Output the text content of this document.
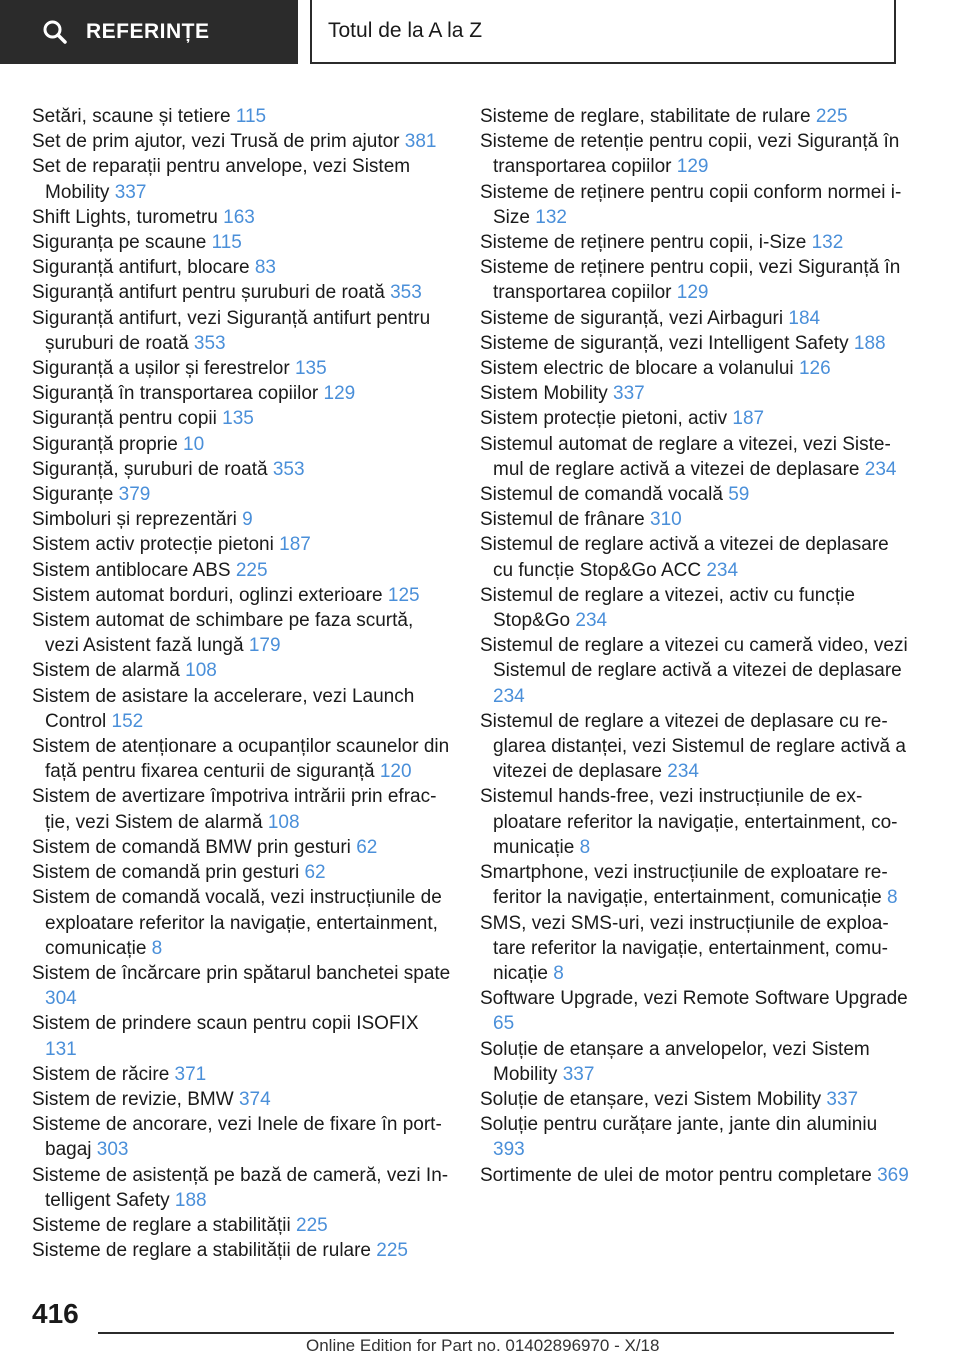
REFERINȚE	Totul de la A la Z

Setări, scaune și tetiere 115

Set de prim ajutor, vezi Trusă de prim ajutor 381

Set de reparații pentru anvelope, vezi Sistem Mobility 337

Shift Lights, turometru 163

Siguranța pe scaune 115

Siguranță antifurt, blocare 83

Siguranță antifurt pentru șuruburi de roată 353

Siguranță antifurt, vezi Siguranță antifurt pentru șuruburi de roată 353

Siguranță a ușilor și ferestrelor 135

Siguranță în transportarea copiilor 129

Siguranță pentru copii 135

Siguranță proprie 10

Siguranță, șuruburi de roată 353

Siguranțe 379

Simboluri și reprezentări 9

Sistem activ protecție pietoni 187

Sistem antiblocare ABS 225

Sistem automat borduri, oglinzi exterioare 125

Sistem automat de schimbare pe faza scurtă, vezi Asistent fază lungă 179

Sistem de alarmă 108

Sistem de asistare la accelerare, vezi Launch Control 152

Sistem de atenționare a ocupanților scaunelor din față pentru fixarea centurii de siguranță 120

Sistem de avertizare împotriva intrării prin efracție, vezi Sistem de alarmă 108

Sistem de comandă BMW prin gesturi 62

Sistem de comandă prin gesturi 62

Sistem de comandă vocală, vezi instrucțiunile de exploatare referitor la navigație, entertainment, comunicație 8

Sistem de încărcare prin spătarul banchetei spate 304

Sistem de prindere scaun pentru copii ISOFIX 131

Sistem de răcire 371

Sistem de revizie, BMW 374

Sisteme de ancorare, vezi Inele de fixare în portbagaj 303

Sisteme de asistență pe bază de cameră, vezi Intelligent Safety 188

Sisteme de reglare a stabilității 225

Sisteme de reglare a stabilității de rulare 225

Sisteme de reglare, stabilitate de rulare 225

Sisteme de retenție pentru copii, vezi Siguranță în transportarea copiilor 129

Sisteme de reținere pentru copii conform normei i-Size 132

Sisteme de reținere pentru copii, i-Size 132

Sisteme de reținere pentru copii, vezi Siguranță în transportarea copiilor 129

Sisteme de siguranță, vezi Airbaguri 184

Sisteme de siguranță, vezi Intelligent Safety 188

Sistem electric de blocare a volanului 126

Sistem Mobility 337

Sistem protecție pietoni, activ 187

Sistemul automat de reglare a vitezei, vezi Sistemul de reglare activă a vitezei de deplasare 234

Sistemul de comandă vocală 59

Sistemul de frânare 310

Sistemul de reglare activă a vitezei de deplasare cu funcție Stop&Go ACC 234

Sistemul de reglare a vitezei, activ cu funcție Stop&Go 234

Sistemul de reglare a vitezei cu cameră video, vezi Sistemul de reglare activă a vitezei de deplasare 234

Sistemul de reglare a vitezei de deplasare cu reglarea distanței, vezi Sistemul de reglare activă a vitezei de deplasare 234

Sistemul hands-free, vezi instrucțiunile de exploatare referitor la navigație, entertainment, comunicație 8

Smartphone, vezi instrucțiunile de exploatare referitor la navigație, entertainment, comunicație 8

SMS, vezi SMS-uri, vezi instrucțiunile de exploatare referitor la navigație, entertainment, comunicație 8

Software Upgrade, vezi Remote Software Upgrade 65

Soluție de etanșare a anvelopelor, vezi Sistem Mobility 337

Soluție de etanșare, vezi Sistem Mobility 337

Soluție pentru curățare jante, jante din aluminiu 393

Sortimente de ulei de motor pentru completare 369

416
Online Edition for Part no. 01402896970 - X/18
